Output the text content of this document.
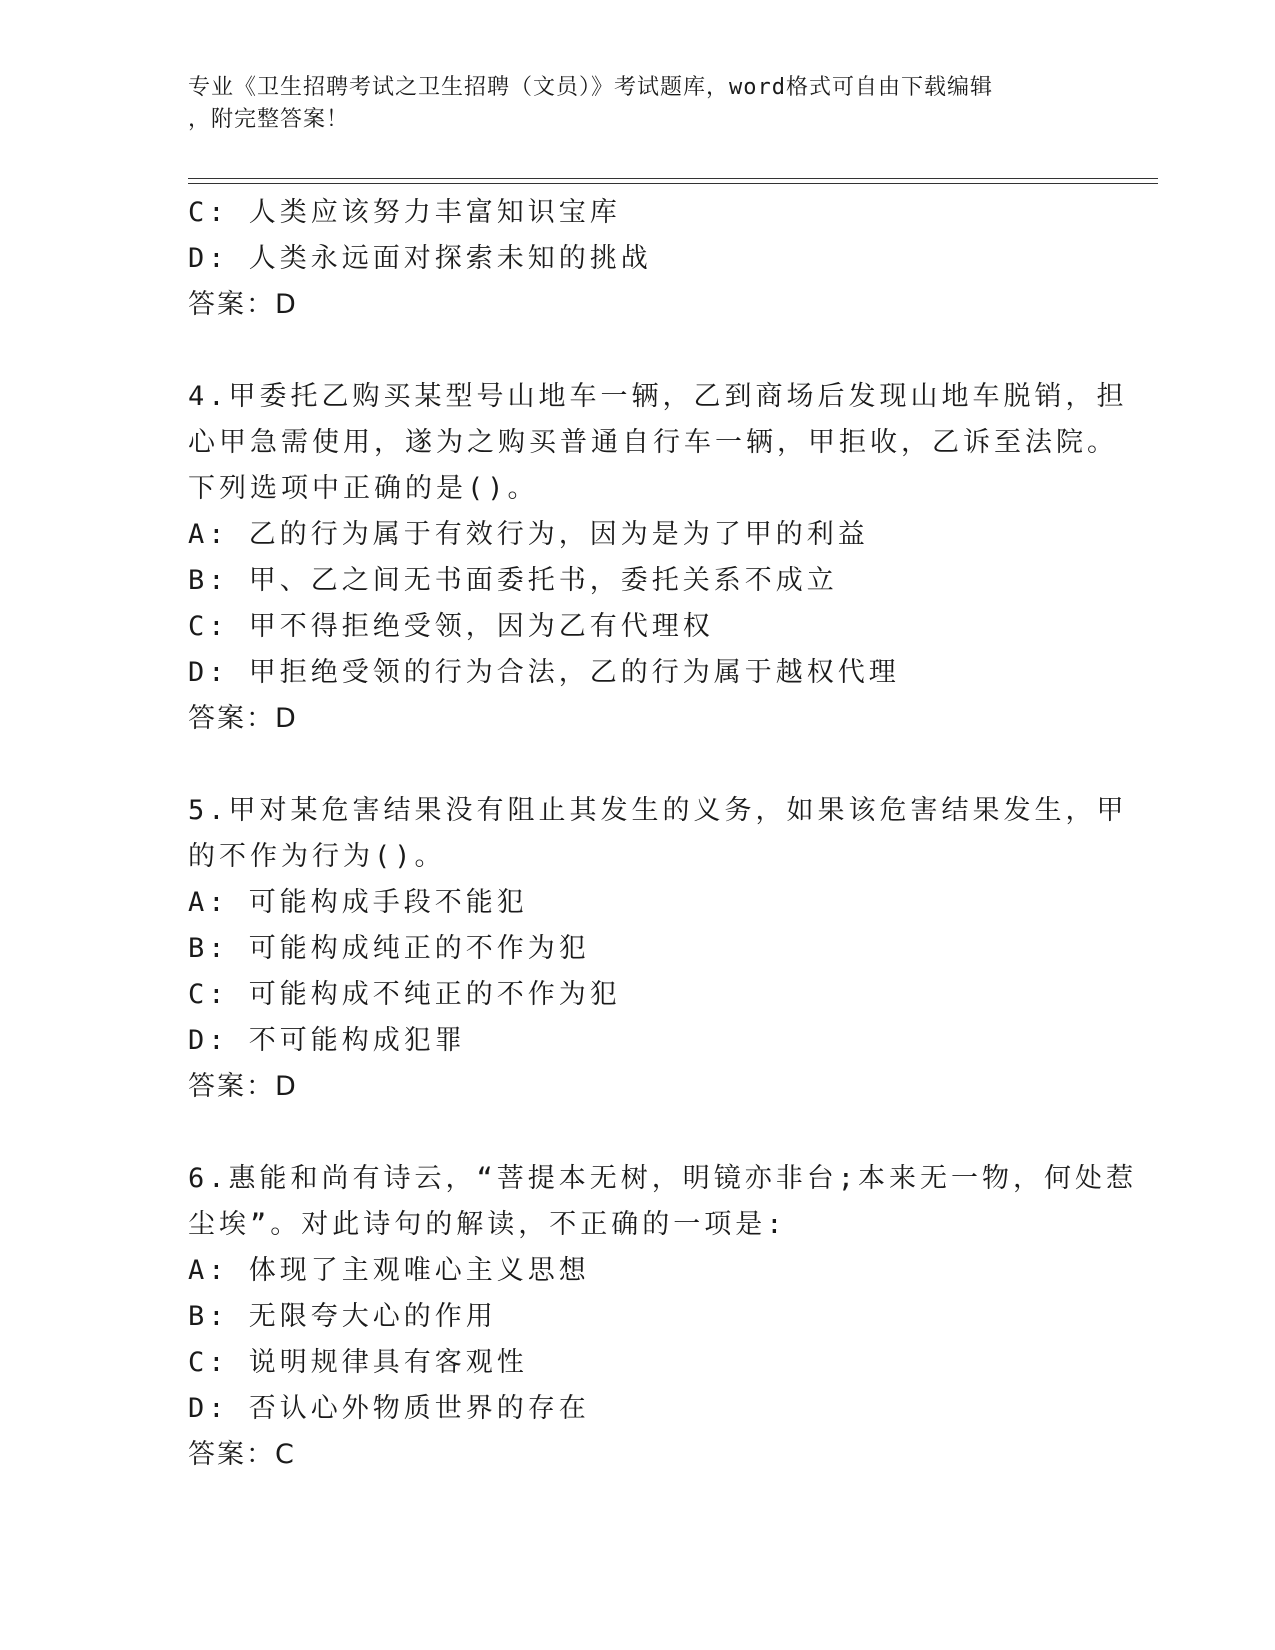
专业《卫生招聘考试之卫生招聘（文员）》考试题库，word格式可自由下载编辑
，附完整答案！
C: 人类应该努力丰富知识宝库
D: 人类永远面对探索未知的挑战
答案：D
4.甲委托乙购买某型号山地车一辆，乙到商场后发现山地车脱销，担
心甲急需使用，遂为之购买普通自行车一辆，甲拒收，乙诉至法院。
下列选项中正确的是()。
A: 乙的行为属于有效行为，因为是为了甲的利益
B: 甲、乙之间无书面委托书，委托关系不成立
C: 甲不得拒绝受领，因为乙有代理权
D: 甲拒绝受领的行为合法，乙的行为属于越权代理
答案：D
5.甲对某危害结果没有阻止其发生的义务，如果该危害结果发生，甲
的不作为行为()。
A: 可能构成手段不能犯
B: 可能构成纯正的不作为犯
C: 可能构成不纯正的不作为犯
D: 不可能构成犯罪
答案：D
6.惠能和尚有诗云，“菩提本无树，明镜亦非台;本来无一物，何处惹
尘埃”。对此诗句的解读，不正确的一项是:
A: 体现了主观唯心主义思想
B: 无限夸大心的作用
C: 说明规律具有客观性
D: 否认心外物质世界的存在
答案：C
